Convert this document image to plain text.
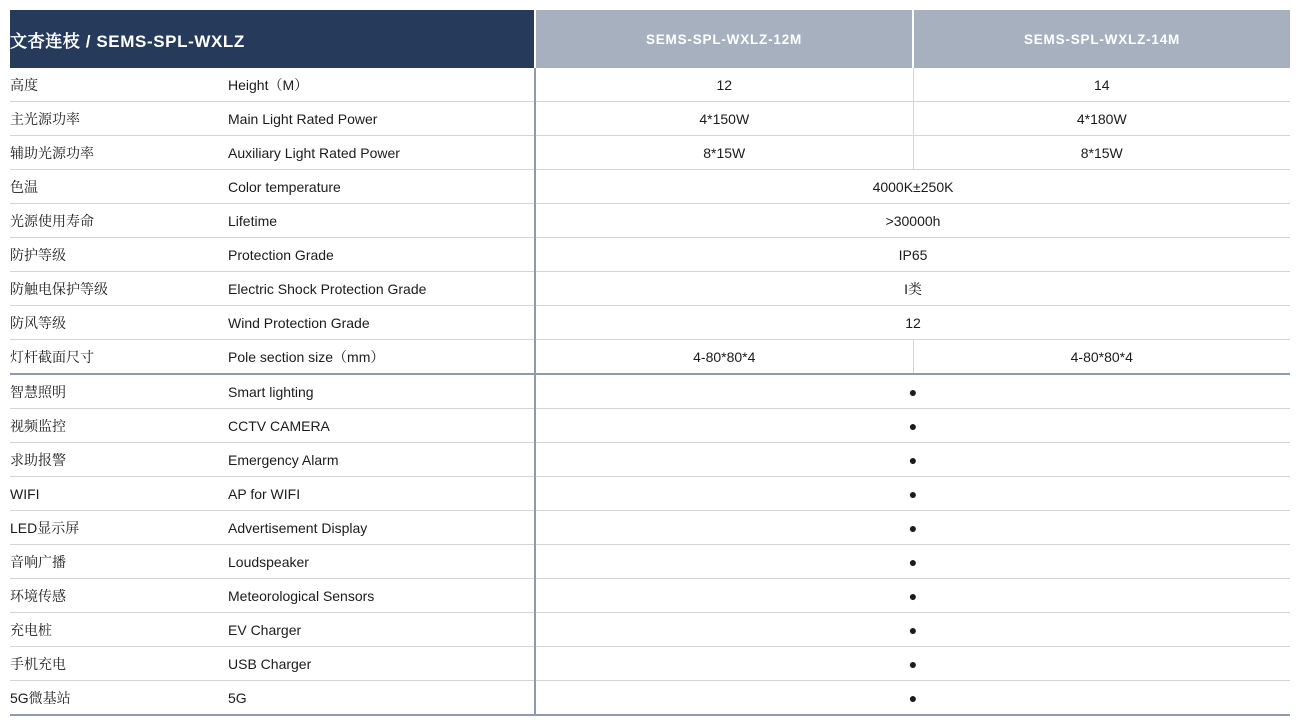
文杏连枝 / SEMS-SPL-WXLZ		SEMS-SPL-WXLZ-12M	SEMS-SPL-WXLZ-14M
高度	Height（M）	12	14
主光源功率	Main Light Rated Power	4*150W	4*180W
辅助光源功率	Auxiliary Light Rated Power	8*15W	8*15W
色温	Color temperature	4000K±250K	
光源使用寿命	Lifetime	>30000h	
防护等级	Protection Grade	IP65	
防触电保护等级	Electric Shock Protection Grade	I类	
防风等级	Wind Protection Grade	12	
灯杆截面尺寸	Pole section size（mm）	4-80*80*4	4-80*80*4
智慧照明	Smart lighting	●	
视频监控	CCTV CAMERA	●	
求助报警	Emergency Alarm	●	
WIFI	AP for WIFI	●	
LED显示屏	Advertisement Display	●	
音响广播	Loudspeaker	●	
环境传感	Meteorological Sensors	●	
充电桩	EV Charger	●	
手机充电	USB Charger	●	
5G微基站	5G	●	
